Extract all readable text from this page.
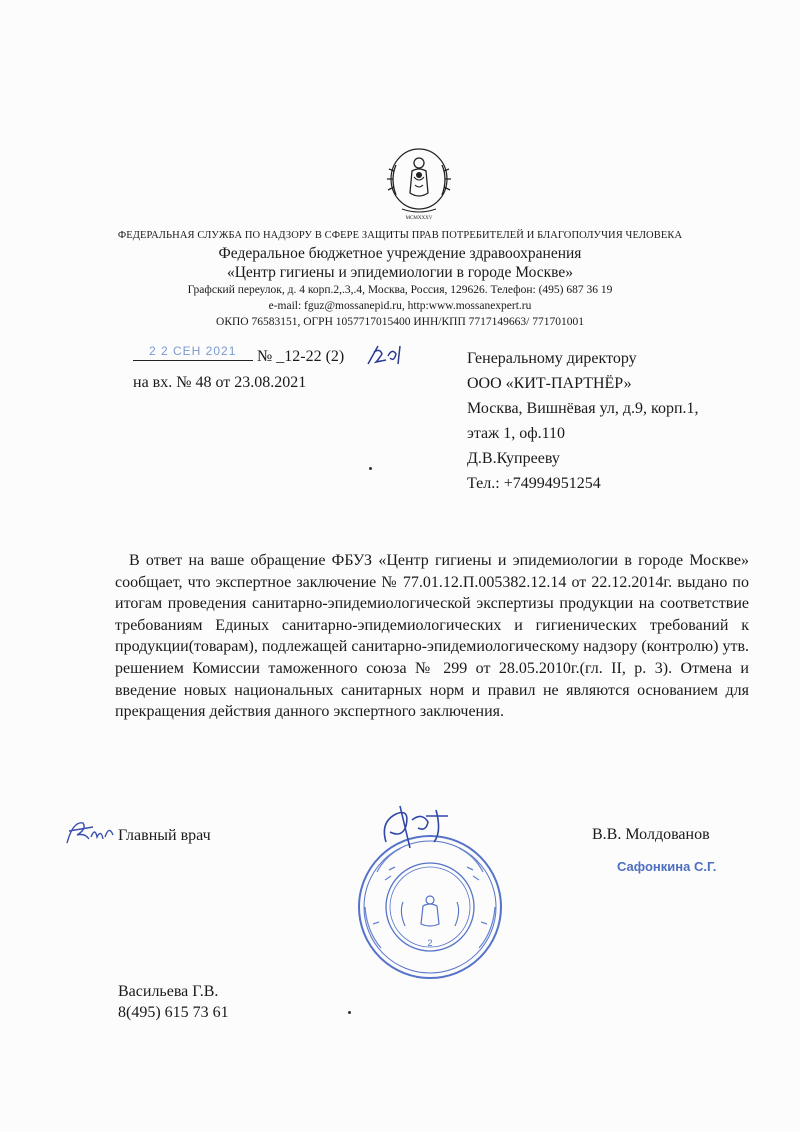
MCMXXXV
ФЕДЕРАЛЬНАЯ СЛУЖБА ПО НАДЗОРУ В СФЕРЕ ЗАЩИТЫ ПРАВ ПОТРЕБИТЕЛЕЙ И БЛАГОПОЛУЧИЯ ЧЕЛОВЕКА
Федеральное бюджетное учреждение здравоохранения
«Центр гигиены и эпидемиологии в городе Москве»
Графский переулок, д. 4 корп.2,.3,.4, Москва, Россия, 129626. Телефон: (495) 687 36 19
e-mail: fguz@mossanepid.ru, http:www.mossanexpert.ru
ОКПО 76583151, ОГРН 1057717015400 ИНН/КПП 7717149663/ 771701001
2 2 СЕН 2021 № _12-22 (2)
на вх. № 48 от 23.08.2021
Генеральному директору
ООО «КИТ-ПАРТНЁР»
Москва, Вишнёвая ул, д.9, корп.1,
этаж 1, оф.110
Д.В.Купрееву
Тел.: +74994951254
В ответ на ваше обращение ФБУЗ «Центр гигиены и эпидемиологии в городе Москве» сообщает, что экспертное заключение № 77.01.12.П.005382.12.14 от 22.12.2014г. выдано по итогам проведения санитарно-эпидемиологической экспертизы продукции на соответствие требованиям Единых санитарно-эпидемиологических и гигиенических требований к продукции(товарам), подлежащей санитарно-эпидемиологическому надзору (контролю) утв. решением Комиссии таможенного союза № 299 от 28.05.2010г.(гл. II, р. 3). Отмена и введение новых национальных санитарных норм и правил не являются основанием для прекращения действия данного экспертного заключения.
Главный врач
2
В.В. Молдованов
Сафонкина С.Г.
Васильева Г.В.
8(495) 615 73 61
